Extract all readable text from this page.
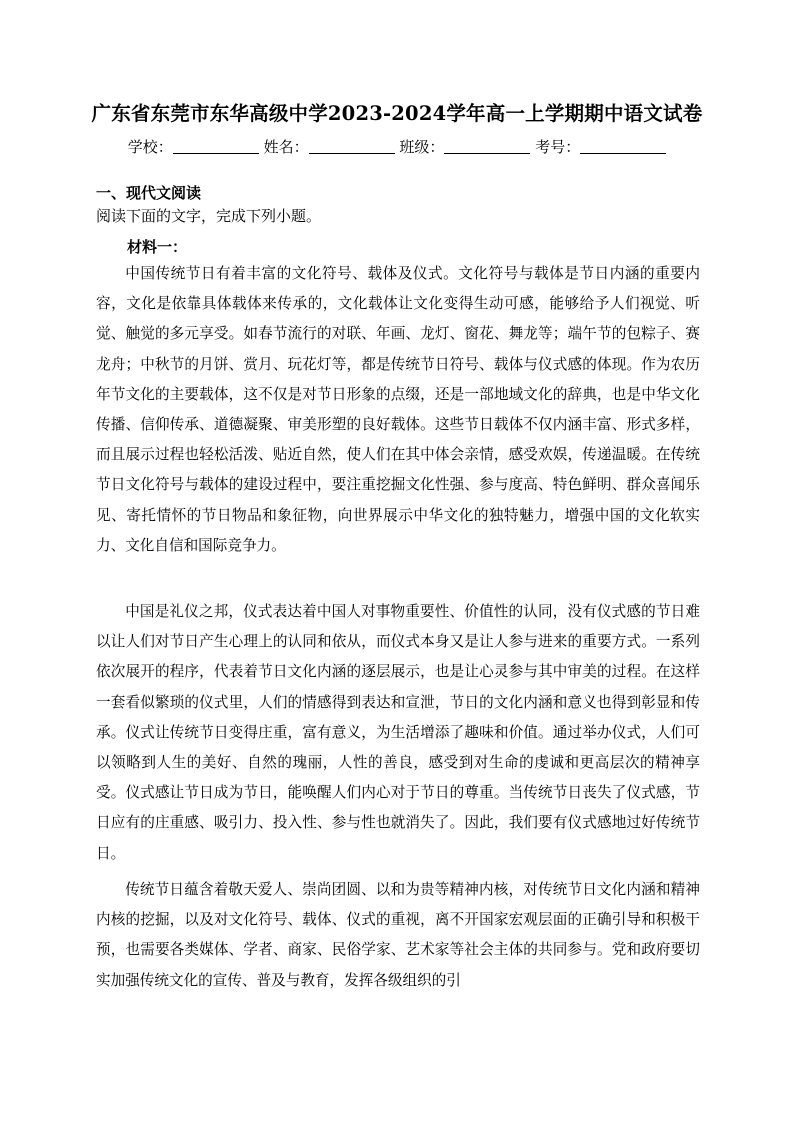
广东省东莞市东华高级中学2023-2024学年高一上学期期中语文试卷
学校：	姓名：	班级：	考号：
一、现代文阅读
阅读下面的文字，完成下列小题。
材料一：

中国传统节日有着丰富的文化符号、载体及仪式。文化符号与载体是节日内涵的重要内容，文化是依靠具体载体来传承的，文化载体让文化变得生动可感，能够给予人们视觉、听觉、触觉的多元享受。如春节流行的对联、年画、龙灯、窗花、舞龙等；端午节的包粽子、赛龙舟；中秋节的月饼、赏月、玩花灯等，都是传统节日符号、载体与仪式感的体现。作为农历年节文化的主要载体，这不仅是对节日形象的点缀，还是一部地域文化的辞典，也是中华文化传播、信仰传承、道德凝聚、审美形塑的良好载体。这些节日载体不仅内涵丰富、形式多样，而且展示过程也轻松活泼、贴近自然，使人们在其中体会亲情，感受欢娱，传递温暖。在传统节日文化符号与载体的建设过程中，要注重挖掘文化性强、参与度高、特色鲜明、群众喜闻乐见、寄托情怀的节日物品和象征物，向世界展示中华文化的独特魅力，增强中国的文化软实力、文化自信和国际竞争力。

中国是礼仪之邦，仪式表达着中国人对事物重要性、价值性的认同，没有仪式感的节日难以让人们对节日产生心理上的认同和依从，而仪式本身又是让人参与进来的重要方式。一系列依次展开的程序，代表着节日文化内涵的逐层展示，也是让心灵参与其中审美的过程。在这样一套看似繁琐的仪式里，人们的情感得到表达和宣泄，节日的文化内涵和意义也得到彰显和传承。仪式让传统节日变得庄重，富有意义，为生活增添了趣味和价值。通过举办仪式，人们可以领略到人生的美好、自然的瑰丽，人性的善良，感受到对生命的虔诚和更高层次的精神享受。仪式感让节日成为节日，能唤醒人们内心对于节日的尊重。当传统节日丧失了仪式感，节日应有的庄重感、吸引力、投入性、参与性也就消失了。因此，我们要有仪式感地过好传统节日。

传统节日蕴含着敬天爱人、崇尚团圆、以和为贵等精神内核，对传统节日文化内涵和精神内核的挖掘，以及对文化符号、载体、仪式的重视，离不开国家宏观层面的正确引导和积极干预，也需要各类媒体、学者、商家、民俗学家、艺术家等社会主体的共同参与。党和政府要切实加强传统文化的宣传、普及与教育，发挥各级组织的引
